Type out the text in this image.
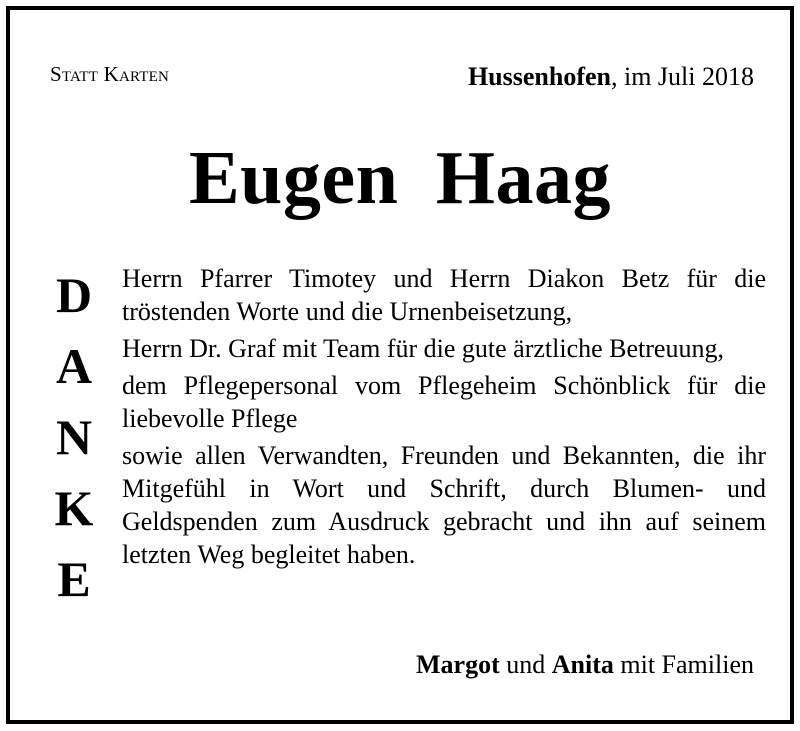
Statt Karten	Hussenhofen, im Juli 2018
Eugen Haag
D
A
N
K
E

Herrn Pfarrer Timotey und Herrn Diakon Betz für die tröstenden Worte und die Urnenbeisetzung,

Herrn Dr. Graf mit Team für die gute ärztliche Betreuung,

dem Pflegepersonal vom Pflegeheim Schönblick für die liebevolle Pflege

sowie allen Verwandten, Freunden und Bekannten, die ihr Mitgefühl in Wort und Schrift, durch Blumen- und Geldspenden zum Ausdruck gebracht und ihn auf seinem letzten Weg begleitet haben.

Margot und Anita mit Familien
